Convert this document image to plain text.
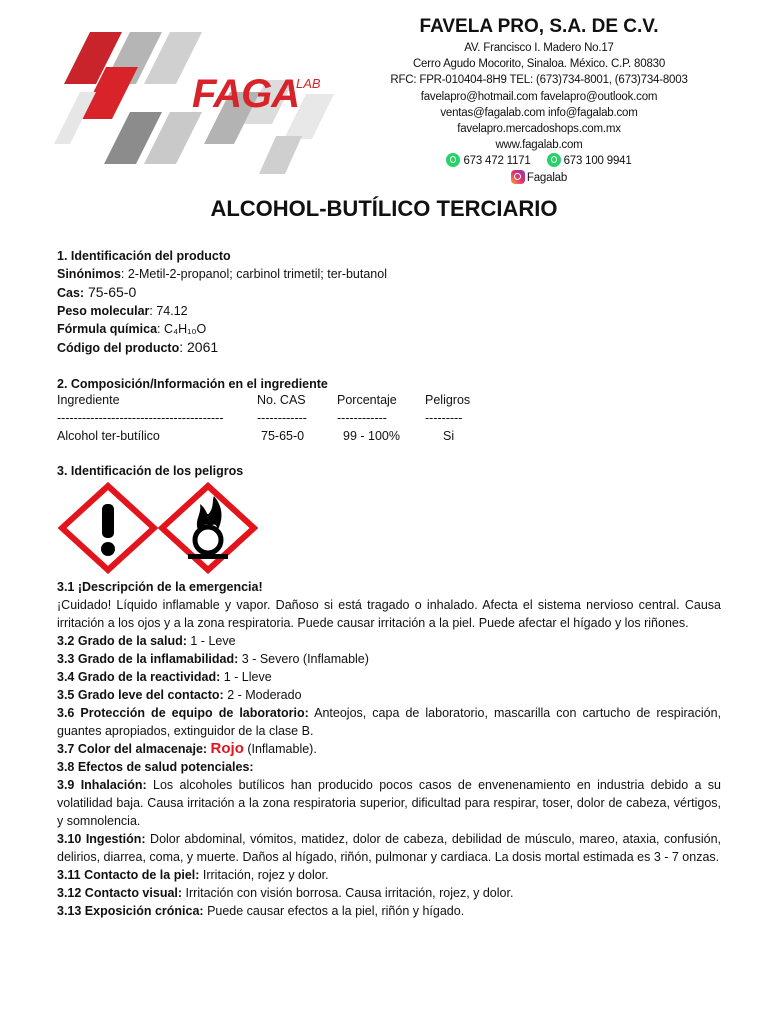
FAGA
LAB
FAVELA PRO, S.A. DE C.V.
AV. Francisco I. Madero No.17
Cerro Agudo Mocorito, Sinaloa. México. C.P. 80830
RFC: FPR-010404-8H9 TEL: (673)734-8001, (673)734-8003
favelapro@hotmail.com favelapro@outlook.com
ventas@fagalab.com info@fagalab.com
favelapro.mercadoshops.com.mx
www.fagalab.com
673 472 1171	673 100 9941
Fagalab
ALCOHOL-BUTÍLICO TERCIARIO
1. Identificación del producto
Sinónimos: 2-Metil-2-propanol; carbinol trimetil; ter-butanol
Cas: 75-65-0
Peso molecular: 74.12
Fórmula química: C₄H₁₀O
Código del producto: 2061
2. Composición/Información en el ingrediente
Ingrediente	No. CAS	Porcentaje Peligros
----------------------------------------	------------ ------------	---------
Alcohol ter-butílico	75-65-0	99 - 100%	Si
3. Identificación de los peligros
3.1 ¡Descripción de la emergencia!
¡Cuidado! Líquido inflamable y vapor. Dañoso si está tragado o inhalado. Afecta el sistema nervioso central. Causa irritación a los ojos y a la zona respiratoria. Puede causar irritación a la piel. Puede afectar el hígado y los riñones.
3.2 Grado de la salud: 1 - Leve
3.3 Grado de la inflamabilidad: 3 - Severo (Inflamable)
3.4 Grado de la reactividad: 1 - Lleve
3.5 Grado leve del contacto: 2 - Moderado
3.6 Protección de equipo de laboratorio: Anteojos, capa de laboratorio, mascarilla con cartucho de respiración, guantes apropiados, extinguidor de la clase B.
3.7 Color del almacenaje: Rojo (Inflamable).
3.8 Efectos de salud potenciales:
3.9 Inhalación: Los alcoholes butílicos han producido pocos casos de envenenamiento en industria debido a su volatilidad baja. Causa irritación a la zona respiratoria superior, dificultad para respirar, toser, dolor de cabeza, vértigos, y somnolencia.
3.10 Ingestión: Dolor abdominal, vómitos, matidez, dolor de cabeza, debilidad de músculo, mareo, ataxia, confusión, delirios, diarrea, coma, y muerte. Daños al hígado, riñón, pulmonar y cardiaca. La dosis mortal estimada es 3 - 7 onzas.
3.11 Contacto de la piel: Irritación, rojez y dolor.
3.12 Contacto visual: Irritación con visión borrosa. Causa irritación, rojez, y dolor.
3.13 Exposición crónica: Puede causar efectos a la piel, riñón y hígado.
